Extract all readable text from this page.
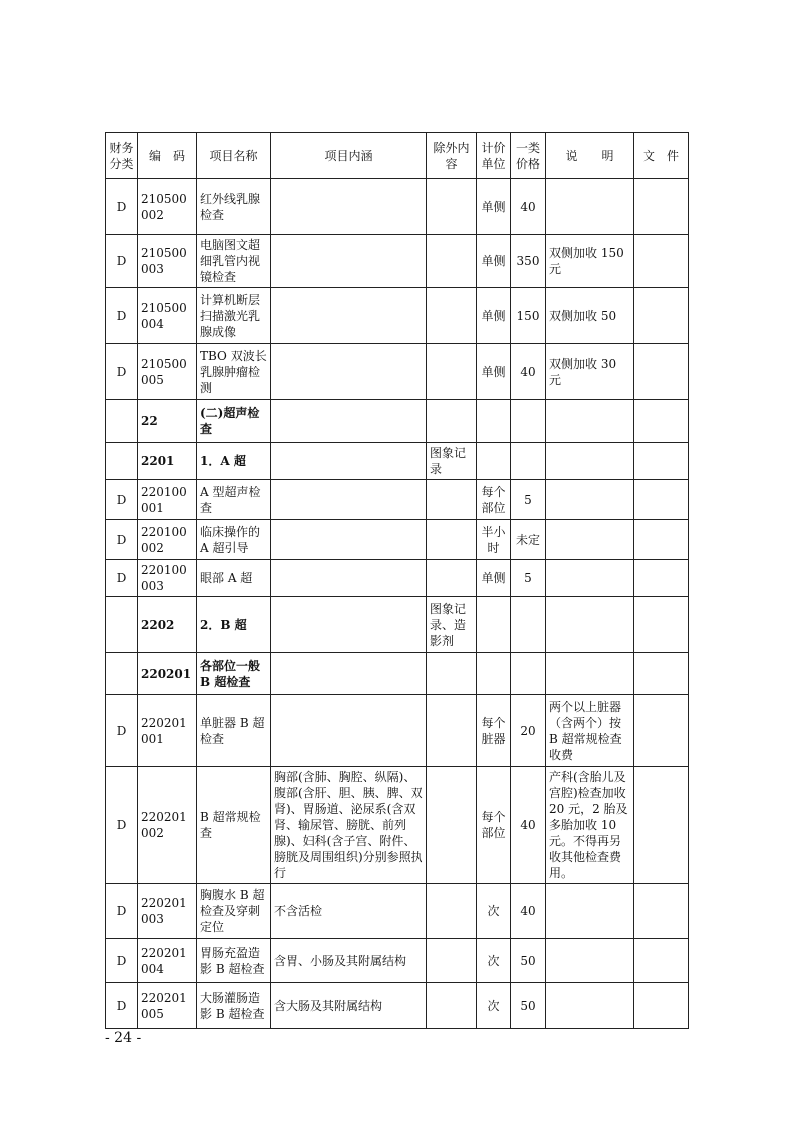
财务分类	编　码	项目名称	项目内涵	除外内容	计价单位	一类价格	说　　明	文　件
D	210500002	红外线乳腺检查			单侧	40		
D	210500003	电脑图文超细乳管内视镜检查			单侧	350	双侧加收 150元	
D	210500004	计算机断层扫描激光乳腺成像			单侧	150	双侧加收 50	
D	210500005	TBO 双波长乳腺肿瘤检测			单侧	40	双侧加收 30 元	
	22	(二)超声检查						
	2201	1．A 超		图象记录				
D	220100001	A 型超声检查			每个部位	5		
D	220100002	临床操作的 A 超引导			半小时	未定		
D	220100003	眼部 A 超			单侧	5		
	2202	2．B 超		图象记录、造影剂				
	220201	各部位一般 B 超检查						
D	220201001	单脏器 B 超检查			每个脏器	20	两个以上脏器（含两个）按 B 超常规检查收费	
D	220201002	B 超常规检查	胸部(含肺、胸腔、纵隔)、腹部(含肝、胆、胰、脾、双肾)、胃肠道、泌尿系(含双肾、输尿管、膀胱、前列腺)、妇科(含子宫、附件、膀胱及周围组织)分别参照执行		每个部位	40	产科(含胎儿及宫腔)检查加收 20 元，2 胎及多胎加收 10 元。不得再另收其他检查费用。	
D	220201003	胸腹水 B 超检查及穿刺定位	不含活检		次	40		
D	220201004	胃肠充盈造影 B 超检查	含胃、小肠及其附属结构		次	50		
D	220201005	大肠灌肠造影 B 超检查	含大肠及其附属结构		次	50		
- 24 -
